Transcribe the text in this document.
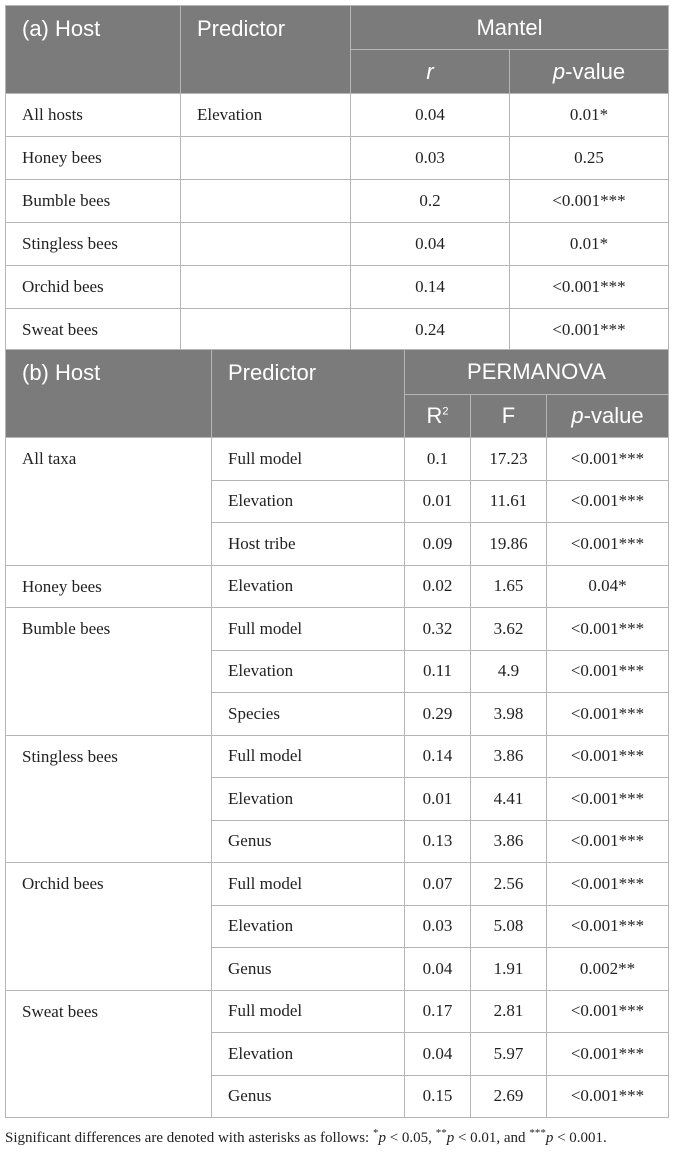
(a) Host	Predictor	Mantel	
		r	p-value
All hosts	Elevation	0.04	0.01*
Honey bees		0.03	0.25
Bumble bees		0.2	<0.001***
Stingless bees		0.04	0.01*
Orchid bees		0.14	<0.001***
Sweat bees		0.24	<0.001***
(b) Host	Predictor	PERMANOVA		
		$R^2$	F	p-value
All taxa	Full model	0.1	17.23	<0.001***
	Elevation	0.01	11.61	<0.001***
	Host tribe	0.09	19.86	<0.001***
Honey bees	Elevation	0.02	1.65	0.04*
Bumble bees	Full model	0.32	3.62	<0.001***
	Elevation	0.11	4.9	<0.001***
	Species	0.29	3.98	<0.001***
Stingless bees	Full model	0.14	3.86	<0.001***
	Elevation	0.01	4.41	<0.001***
	Genus	0.13	3.86	<0.001***
Orchid bees	Full model	0.07	2.56	<0.001***
	Elevation	0.03	5.08	<0.001***
	Genus	0.04	1.91	0.002**
Sweat bees	Full model	0.17	2.81	<0.001***
	Elevation	0.04	5.97	<0.001***
	Genus	0.15	2.69	<0.001***
Significant differences are denoted with asterisks as follows: *p < 0.05, **p < 0.01, and ***p < 0.001.
